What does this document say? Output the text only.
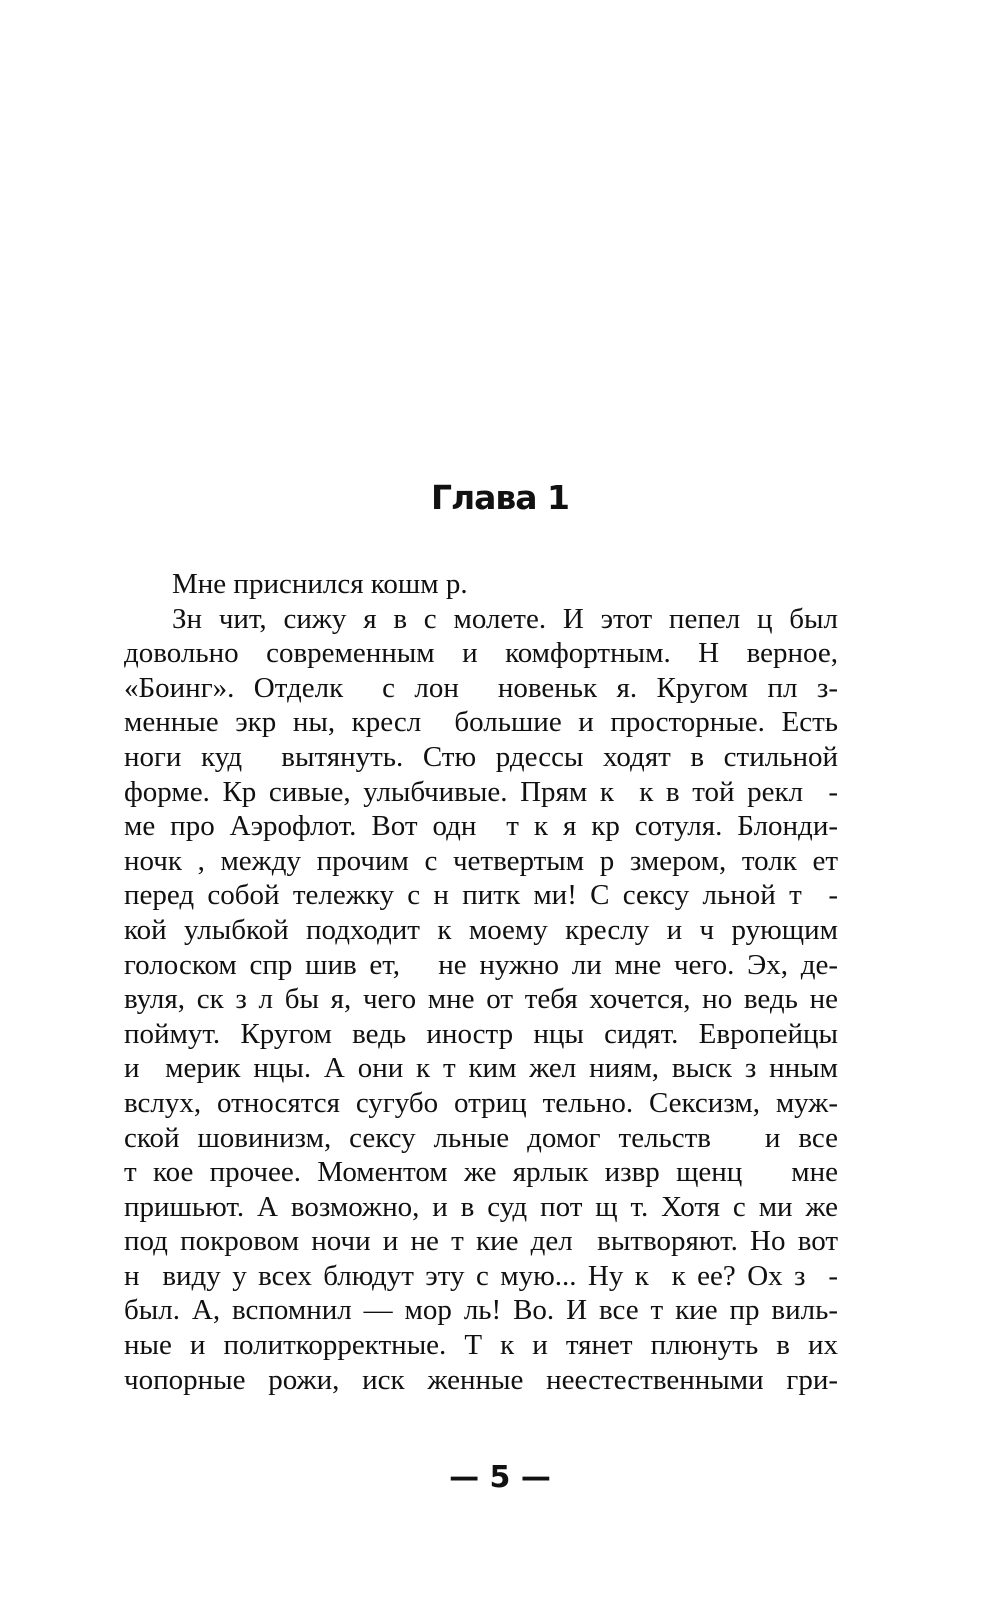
Глава 1
Мне приснился кошм р.
Зн чит, сижу я в с молете. И этот пепел ц был
довольно современным и комфортным. Н верное,
«Боинг». Отделк  с лон  новеньк я. Кругом пл з-
менные экр ны, кресл  большие и просторные. Есть
ноги куд  вытянуть. Стю рдессы ходят в стильной
форме. Кр сивые, улыбчивые. Прям к  к в той рекл  -
ме про Аэрофлот. Вот одн  т к я кр сотуля. Блонди-
ночк , между прочим с четвертым р змером, толк ет
перед собой тележку с н питк ми! С сексу льной т  -
кой улыбкой подходит к моему креслу и ч рующим
голоском спр шив ет,   не нужно ли мне чего. Эх, де-
вуля, ск з л бы я, чего мне от тебя хочется, но ведь не
поймут. Кругом ведь иностр нцы сидят. Европейцы
и  мерик нцы. А они к т ким жел ниям, выск з нным
вслух, относятся сугубо отриц тельно. Сексизм, муж-
ской шовинизм, сексу льные домог тельств   и все
т кое прочее. Моментом же ярлык извр щенц   мне
пришьют. А возможно, и в суд пот щ т. Хотя с ми же
под покровом ночи и не т кие дел  вытворяют. Но вот
н  виду у всех блюдут эту с мую... Ну к  к ее? Ох з  -
был. А, вспомнил — мор ль! Во. И все т кие пр виль-
ные и политкорректные. Т к и тянет плюнуть в их
чопорные рожи, иск женные неестественными гри-
— 5 —
